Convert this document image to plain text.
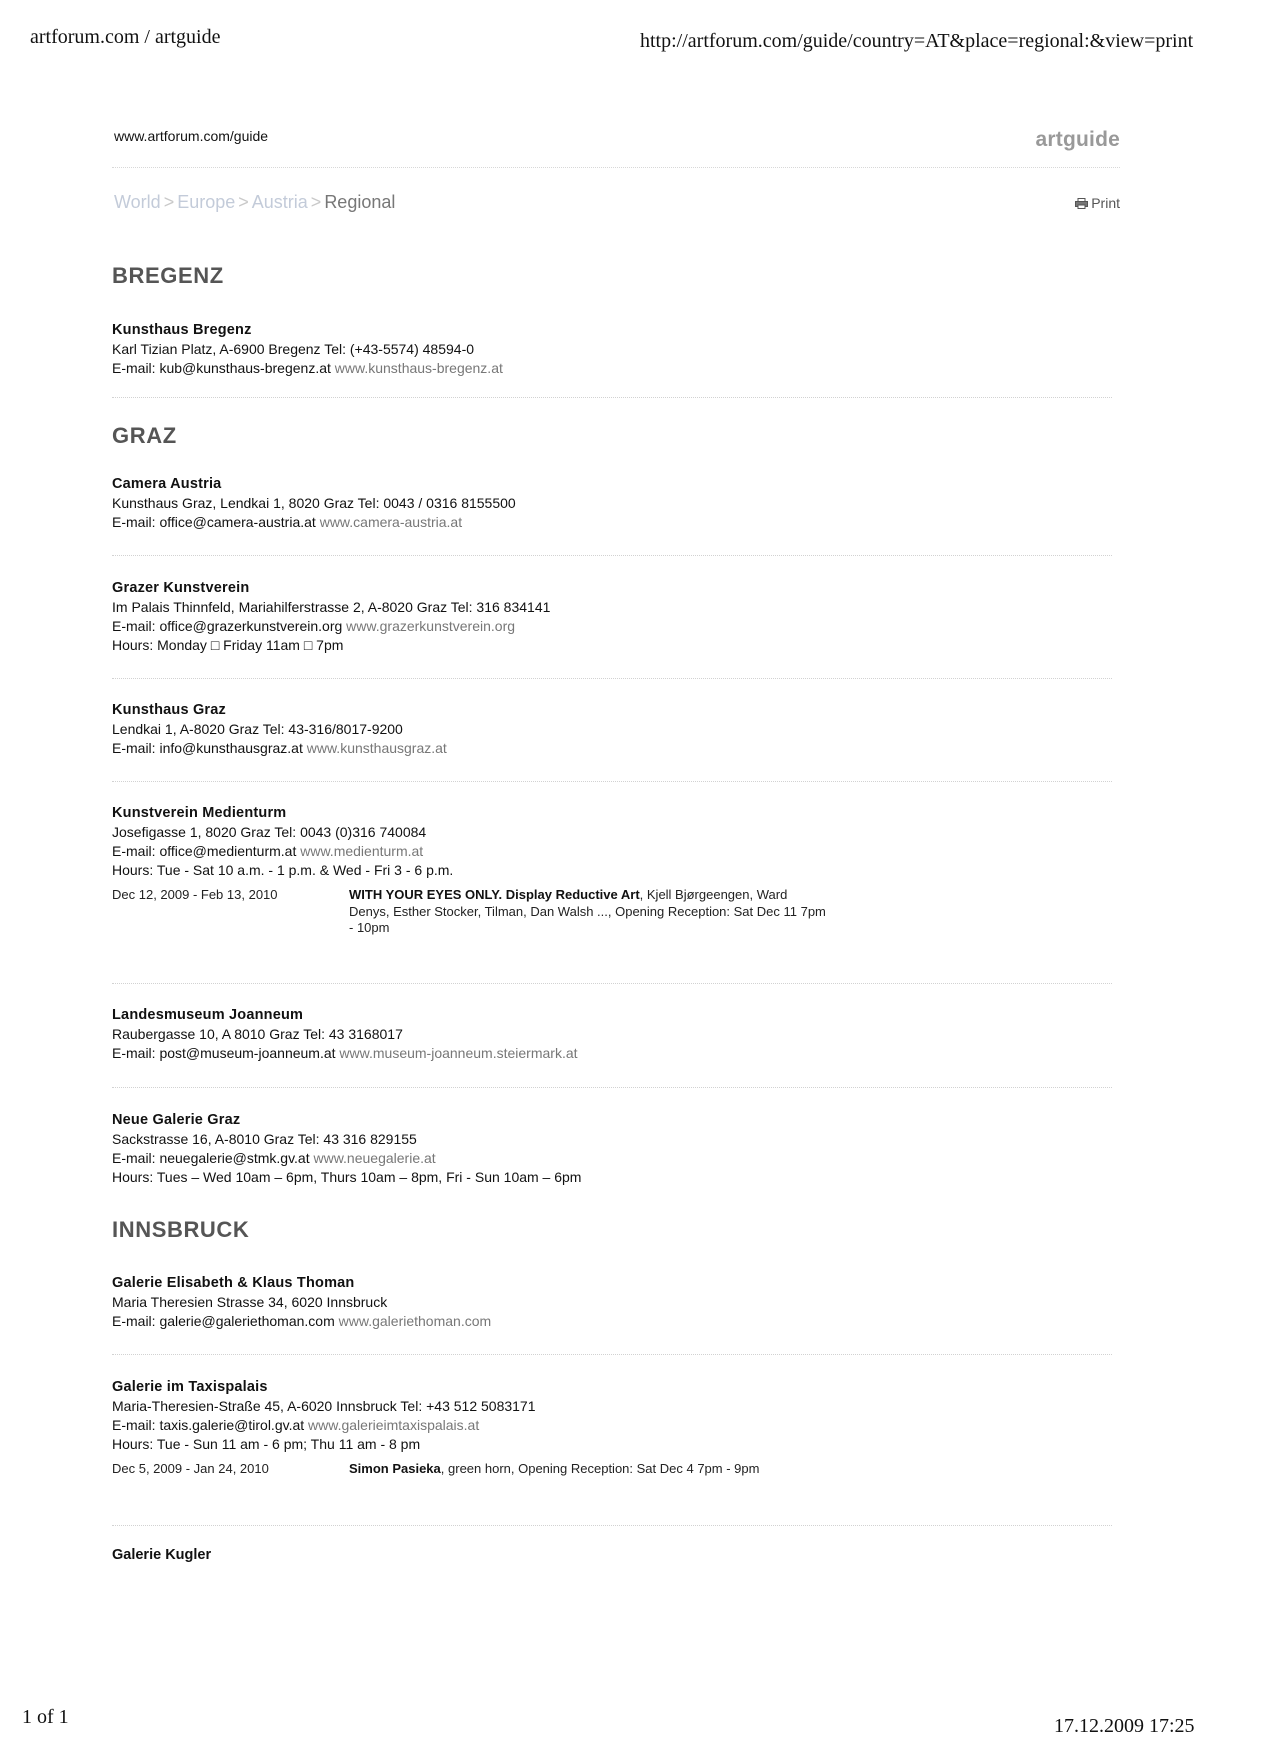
artforum.com / artguide	http://artforum.com/guide/country=AT&place=regional:&view=print
www.artforum.com/guide	artguide
World > Europe > Austria > Regional	Print
BREGENZ
Kunsthaus Bregenz
Karl Tizian Platz, A-6900 Bregenz Tel: (+43-5574) 48594-0
E-mail: kub@kunsthaus-bregenz.at www.kunsthaus-bregenz.at
GRAZ
Camera Austria
Kunsthaus Graz, Lendkai 1, 8020 Graz Tel: 0043 / 0316 8155500
E-mail: office@camera-austria.at www.camera-austria.at
Grazer Kunstverein
Im Palais Thinnfeld, Mariahilferstrasse 2, A-8020 Graz Tel: 316 834141
E-mail: office@grazerkunstverein.org www.grazerkunstverein.org
Hours: Monday □ Friday 11am □ 7pm
Kunsthaus Graz
Lendkai 1, A-8020 Graz Tel: 43-316/8017-9200
E-mail: info@kunsthausgraz.at www.kunsthausgraz.at
Kunstverein Medienturm
Josefigasse 1, 8020 Graz Tel: 0043 (0)316 740084
E-mail: office@medienturm.at www.medienturm.at
Hours: Tue - Sat 10 a.m. - 1 p.m. & Wed - Fri 3 - 6 p.m.
Dec 12, 2009 - Feb 13, 2010	WITH YOUR EYES ONLY. Display Reductive Art, Kjell Bjørgeengen, Ward Denys, Esther Stocker, Tilman, Dan Walsh ..., Opening Reception: Sat Dec 11 7pm - 10pm
Landesmuseum Joanneum
Raubergasse 10, A 8010 Graz Tel: 43 3168017
E-mail: post@museum-joanneum.at www.museum-joanneum.steiermark.at
Neue Galerie Graz
Sackstrasse 16, A-8010 Graz Tel: 43 316 829155
E-mail: neuegalerie@stmk.gv.at www.neuegalerie.at
Hours: Tues – Wed 10am – 6pm, Thurs 10am – 8pm, Fri - Sun 10am – 6pm
INNSBRUCK
Galerie Elisabeth & Klaus Thoman
Maria Theresien Strasse 34, 6020 Innsbruck
E-mail: galerie@galeriethoman.com www.galeriethoman.com
Galerie im Taxispalais
Maria-Theresien-Straße 45, A-6020 Innsbruck Tel: +43 512 5083171
E-mail: taxis.galerie@tirol.gv.at www.galerieimtaxispalais.at
Hours: Tue - Sun 11 am - 6 pm; Thu 11 am - 8 pm
Dec 5, 2009 - Jan 24, 2010	Simon Pasieka, green horn, Opening Reception: Sat Dec 4 7pm - 9pm
Galerie Kugler
1 of 1	17.12.2009 17:25
